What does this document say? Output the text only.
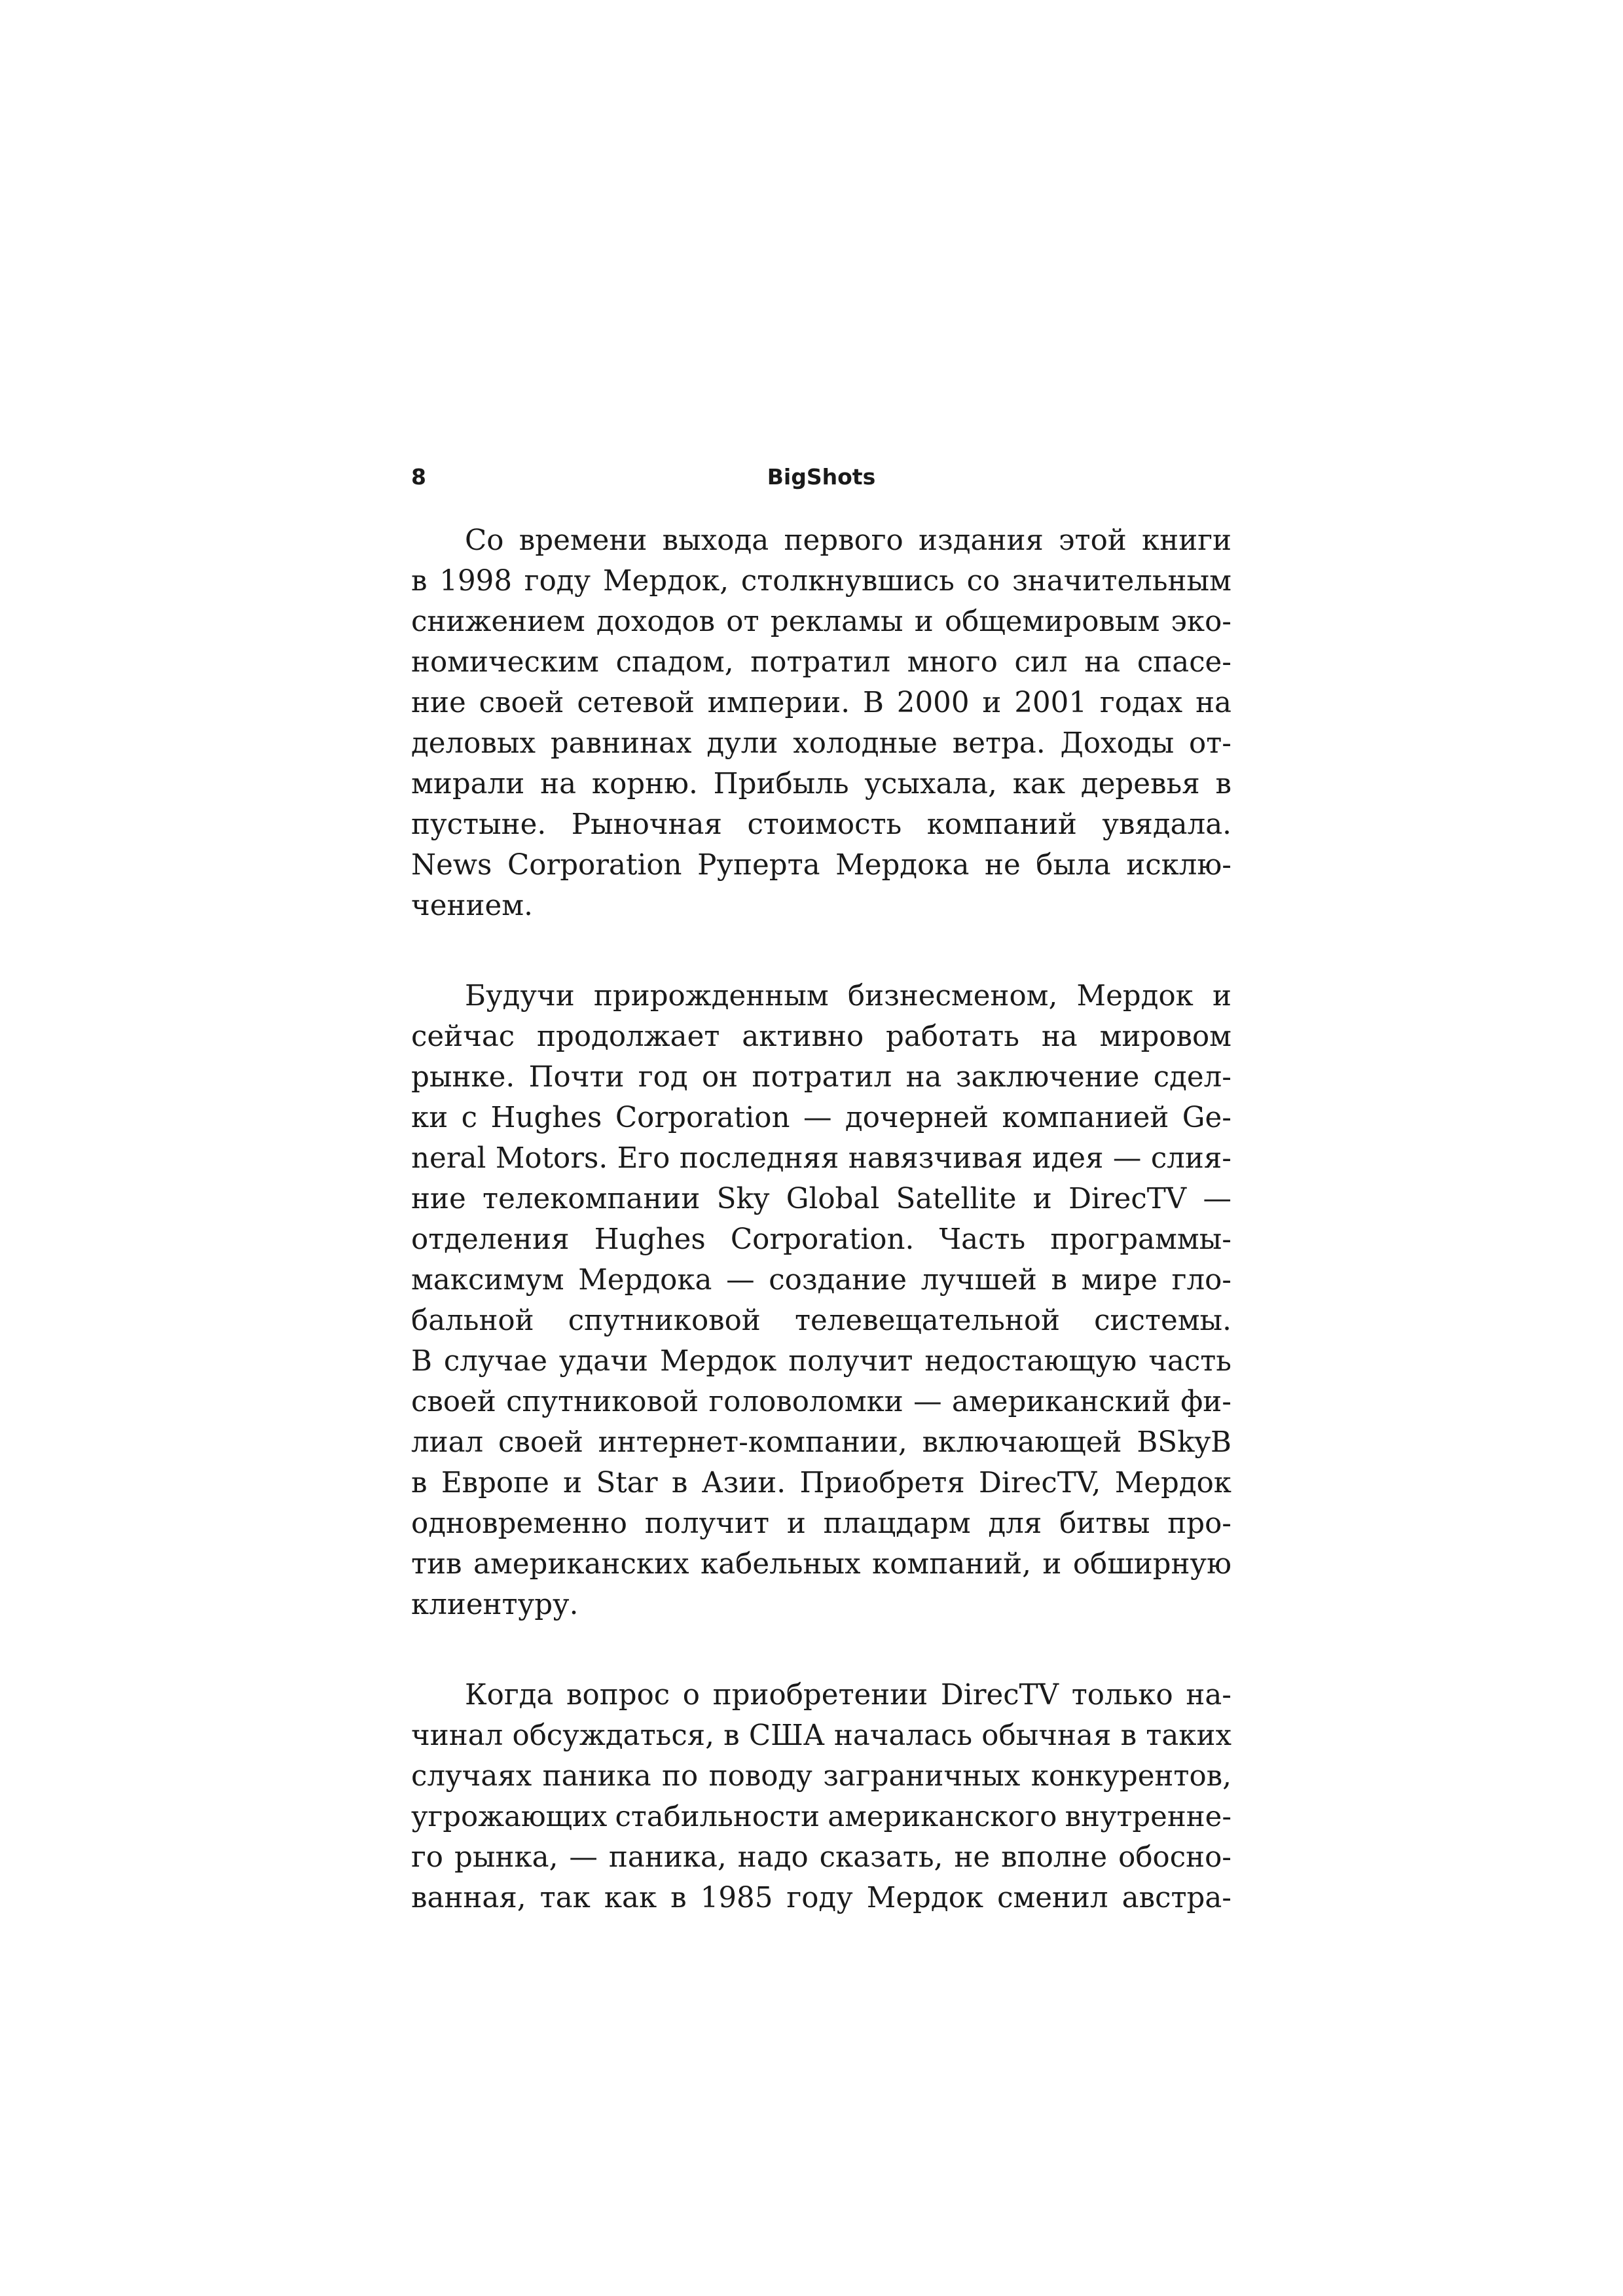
8	BigShots

Со времени выхода первого издания этой книги
в 1998 году Мердок, столкнувшись со значительным
снижением доходов от рекламы и общемировым эко-
номическим спадом, потратил много сил на спасе-
ние своей сетевой империи. В 2000 и 2001 годах на
деловых равнинах дули холодные ветра. Доходы от-
мирали на корню. Прибыль усыхала, как деревья в
пустыне. Рыночная стоимость компаний увядала.
News Corporation Руперта Мердока не была исклю-
чением.

Будучи прирожденным бизнесменом, Мердок и
сейчас продолжает активно работать на мировом
рынке. Почти год он потратил на заключение сдел-
ки с Hughes Corporation — дочерней компанией Ge-
neral Motors. Его последняя навязчивая идея — слия-
ние телекомпании Sky Global Satellite и DirecTV —
отделения Hughes Corporation. Часть программы-
максимум Мердока — создание лучшей в мире гло-
бальной спутниковой телевещательной системы.
В случае удачи Мердок получит недостающую часть
своей спутниковой головоломки — американский фи-
лиал своей интернет-компании, включающей BSkyB
в Европе и Star в Азии. Приобретя DirecTV, Мердок
одновременно получит и плацдарм для битвы про-
тив американских кабельных компаний, и обширную
клиентуру.

Когда вопрос о приобретении DirecTV только на-
чинал обсуждаться, в США началась обычная в таких
случаях паника по поводу заграничных конкурентов,
угрожающих стабильности американского внутренне-
го рынка, — паника, надо сказать, не вполне обосно-
ванная, так как в 1985 году Мердок сменил австра-
